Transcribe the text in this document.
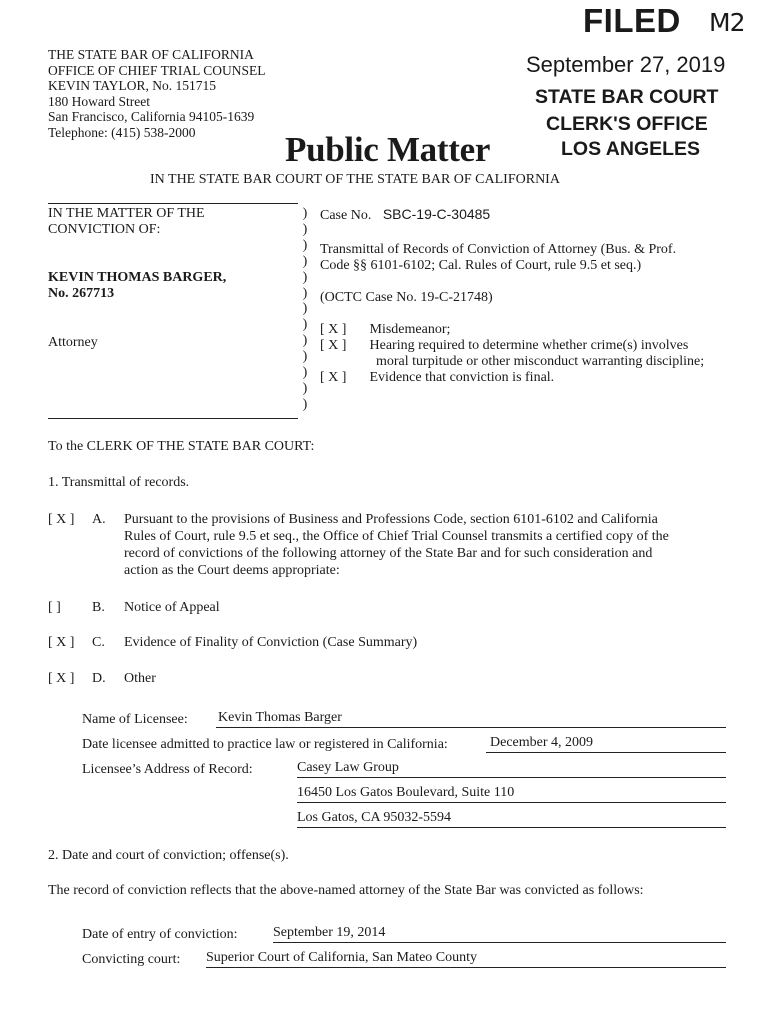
FILED M2
September 27, 2019
STATE BAR COURT
CLERK'S OFFICE
LOS ANGELES
THE STATE BAR OF CALIFORNIA
OFFICE OF CHIEF TRIAL COUNSEL
KEVIN TAYLOR, No. 151715
180 Howard Street
San Francisco, California 94105-1639
Telephone: (415) 538-2000	Public Matter
IN THE STATE BAR COURT OF THE STATE BAR OF CALIFORNIA
IN THE MATTER OF THE
CONVICTION OF:
KEVIN THOMAS BARGER,
No. 267713
Attorney
)
)
)
)
)
)
)
)
)
)
)
)
)
Case No. SBC-19-C-30485
Transmittal of Records of Conviction of Attorney (Bus. & Prof.
Code §§ 6101-6102; Cal. Rules of Court, rule 9.5 et seq.)
(OCTC Case No. 19-C-21748)
[ X ] Misdemeanor;
[ X ] Hearing required to determine whether crime(s) involves
moral turpitude or other misconduct warranting discipline;
[ X ] Evidence that conviction is final.
To the CLERK OF THE STATE BAR COURT:
1. Transmittal of records.
[ X ] A. Pursuant to the provisions of Business and Professions Code, section 6101-6102 and California
Rules of Court, rule 9.5 et seq., the Office of Chief Trial Counsel transmits a certified copy of the
record of convictions of the following attorney of the State Bar and for such consideration and
action as the Court deems appropriate:
[ ] B. Notice of Appeal
[ X ] C. Evidence of Finality of Conviction (Case Summary)
[ X ] D. Other
Name of Licensee: Kevin Thomas Barger
Date licensee admitted to practice law or registered in California:	December 4, 2009
Licensee’s Address of Record:	Casey Law Group
16450 Los Gatos Boulevard, Suite 110
Los Gatos, CA 95032-5594
2. Date and court of conviction; offense(s).
The record of conviction reflects that the above-named attorney of the State Bar was convicted as follows:
Date of entry of conviction:	September 19, 2014
Convicting court: Superior Court of California, San Mateo County
